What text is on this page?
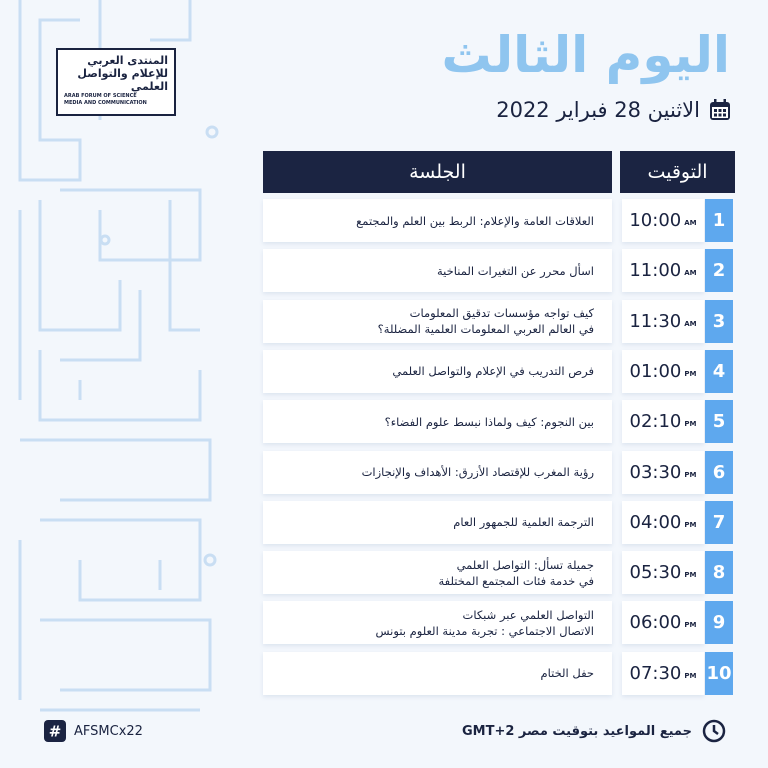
المنتدى العربي
للإعلام والتواصل
العلمي
ARAB FORUM OF SCIENCE
MEDIA AND COMMUNICATION
اليوم الثالث
الاثنين 28 فبراير 2022
الجلسة	التوقيت
العلاقات العامة والإعلام: الربط بين العلم والمجتمع 10:00 AM 1
اسأل محرر عن التغيرات المناخية 11:00 AM 2
كيف تواجه مؤسسات تدقيق المعلومات
في العالم العربي المعلومات العلمية المضللة؟ 11:30 AM 3
فرص التدريب في الإعلام والتواصل العلمي 01:00 PM 4
بين النجوم: كيف ولماذا نبسط علوم الفضاء؟ 02:10 PM 5
رؤية المغرب للإقتصاد الأزرق: الأهداف والإنجازات 03:30 PM 6
الترجمة العلمية للجمهور العام 04:00 PM 7
جميلة تسأل: التواصل العلمي
في خدمة فئات المجتمع المختلفة 05:30 PM 8
التواصل العلمي عبر شبكات
الاتصال الاجتماعي : تجربة مدينة العلوم بتونس 06:00 PM 9
حفل الختام 07:30 PM 10
# AFSMCx22	جميع المواعيد بتوقيت مصر GMT+2
